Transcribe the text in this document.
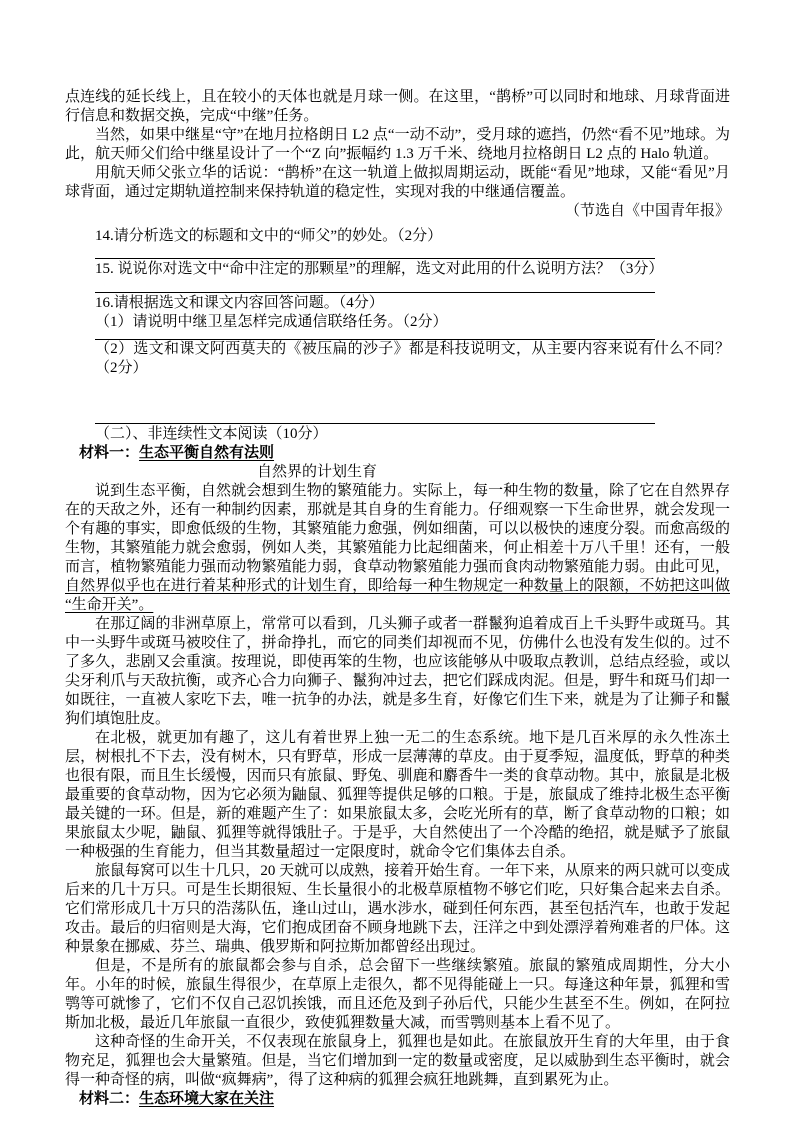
点连线的延长线上，且在较小的天体也就是月球一侧。在这里，“鹊桥”可以同时和地球、月球背面进行信息和数据交换，完成“中继”任务。

当然，如果中继星“守”在地月拉格朗日 L2 点“一动不动”，受月球的遮挡，仍然“看不见”地球。为此，航天师父们给中继星设计了一个“Z 向”振幅约 1.3 万千米、绕地月拉格朗日 L2 点的 Halo 轨道。

用航天师父张立华的话说：“鹊桥”在这一轨道上做拟周期运动，既能“看见”地球，又能“看见”月球背面，通过定期轨道控制来保持轨道的稳定性，实现对我的中继通信覆盖。

（节选自《中国青年报》

14.请分析选文的标题和文中的“师父”的妙处。（2分）

15. 说说你对选文中“命中注定的那颗星”的理解，选文对此用的什么说明方法？（3分）

16.请根据选文和课文内容回答问题。（4分）

（1）请说明中继卫星怎样完成通信联络任务。（2分）

（2）选文和课文阿西莫夫的《被压扁的沙子》都是科技说明文，从主要内容来说有什么不同？（2分）

（二）、非连续性文本阅读（10分）

材料一：生态平衡自然有法则

自然界的计划生育

说到生态平衡，自然就会想到生物的繁殖能力。实际上，每一种生物的数量，除了它在自然界存在的天敌之外，还有一种制约因素，那就是其自身的生育能力。仔细观察一下生命世界，就会发现一个有趣的事实，即愈低级的生物，其繁殖能力愈强，例如细菌，可以以极快的速度分裂。而愈高级的生物，其繁殖能力就会愈弱，例如人类，其繁殖能力比起细菌来，何止相差十万八千里！还有，一般而言，植物繁殖能力强而动物繁殖能力弱，食草动物繁殖能力强而食肉动物繁殖能力弱。由此可见，自然界似乎也在进行着某种形式的计划生育，即给每一种生物规定一种数量上的限额，不妨把这叫做 “生命开关”。

在那辽阔的非洲草原上，常常可以看到，几头狮子或者一群鬣狗追着成百上千头野牛或斑马。其中一头野牛或斑马被咬住了，拼命挣扎，而它的同类们却视而不见，仿佛什么也没有发生似的。过不了多久，悲剧又会重演。按理说，即使再笨的生物，也应该能够从中吸取点教训，总结点经验，或以尖牙利爪与天敌抗衡，或齐心合力向狮子、鬣狗冲过去，把它们踩成肉泥。但是，野牛和斑马们却一如既往，一直被人家吃下去，唯一抗争的办法，就是多生育，好像它们生下来，就是为了让狮子和鬣狗们填饱肚皮。

在北极，就更加有趣了，这儿有着世界上独一无二的生态系统。地下是几百米厚的永久性冻土层，树根扎不下去，没有树木，只有野草，形成一层薄薄的草皮。由于夏季短，温度低，野草的种类也很有限，而且生长缓慢，因而只有旅鼠、野兔、驯鹿和麝香牛一类的食草动物。其中，旅鼠是北极最重要的食草动物，因为它必须为鼬鼠、狐狸等提供足够的口粮。于是，旅鼠成了维持北极生态平衡最关键的一环。但是，新的难题产生了：如果旅鼠太多，会吃光所有的草，断了食草动物的口粮；如果旅鼠太少呢，鼬鼠、狐狸等就得饿肚子。于是乎，大自然使出了一个冷酷的绝招，就是赋予了旅鼠一种极强的生育能力，但当其数量超过一定限度时，就命令它们集体去自杀。

旅鼠每窝可以生十几只，20 天就可以成熟，接着开始生育。一年下来，从原来的两只就可以变成后来的几十万只。可是生长期很短、生长量很小的北极草原植物不够它们吃，只好集合起来去自杀。它们常形成几十万只的浩荡队伍，逢山过山，遇水涉水，碰到任何东西，甚至包括汽车，也敢于发起攻击。最后的归宿则是大海，它们抱成团奋不顾身地跳下去，汪洋之中到处漂浮着殉难者的尸体。这种景象在挪威、芬兰、瑞典、俄罗斯和阿拉斯加都曾经出现过。

但是，不是所有的旅鼠都会参与自杀，总会留下一些继续繁殖。旅鼠的繁殖成周期性，分大小年。小年的时候，旅鼠生得很少，在草原上走很久，都不见得能碰上一只。每逢这种年景，狐狸和雪鹗等可就惨了，它们不仅自己忍饥挨饿，而且还危及到子孙后代，只能少生甚至不生。例如，在阿拉斯加北极，最近几年旅鼠一直很少，致使狐狸数量大减，而雪鹗则基本上看不见了。

这种奇怪的生命开关，不仅表现在旅鼠身上，狐狸也是如此。在旅鼠放开生育的大年里，由于食物充足，狐狸也会大量繁殖。但是，当它们增加到一定的数量或密度，足以威胁到生态平衡时，就会得一种奇怪的病，叫做“疯舞病”，得了这种病的狐狸会疯狂地跳舞，直到累死为止。

材料二：生态环境大家在关注
